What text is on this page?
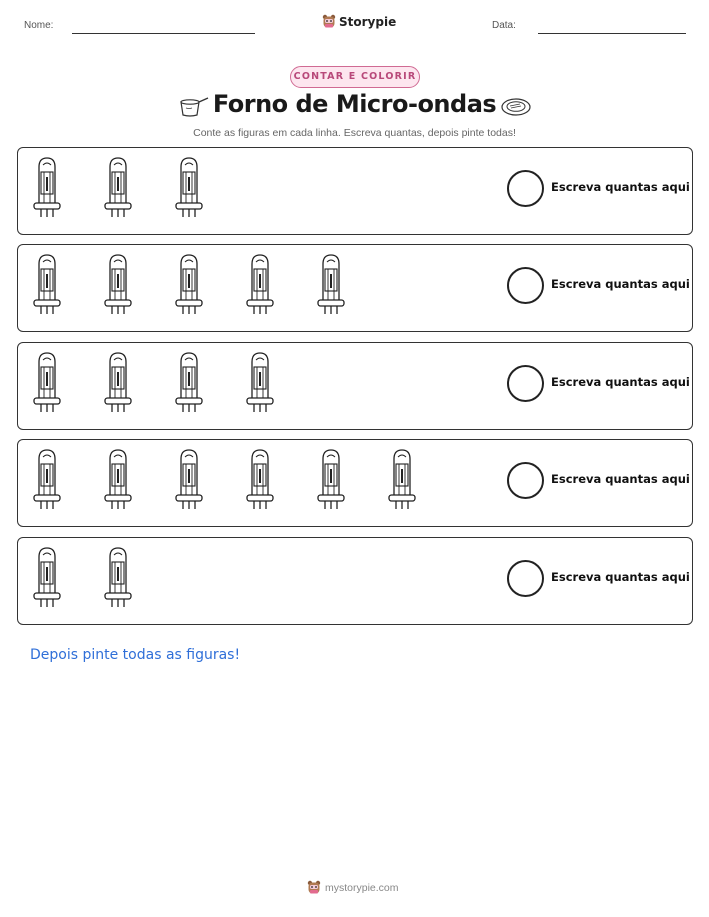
Nome:	Storypie	Data:
CONTAR E COLORIR
Forno de Micro-ondas
Conte as figuras em cada linha. Escreva quantas, depois pinte todas!
Escreva quantas aqui
Escreva quantas aqui
Escreva quantas aqui
Escreva quantas aqui
Escreva quantas aqui
Depois pinte todas as figuras!
mystorypie.com
